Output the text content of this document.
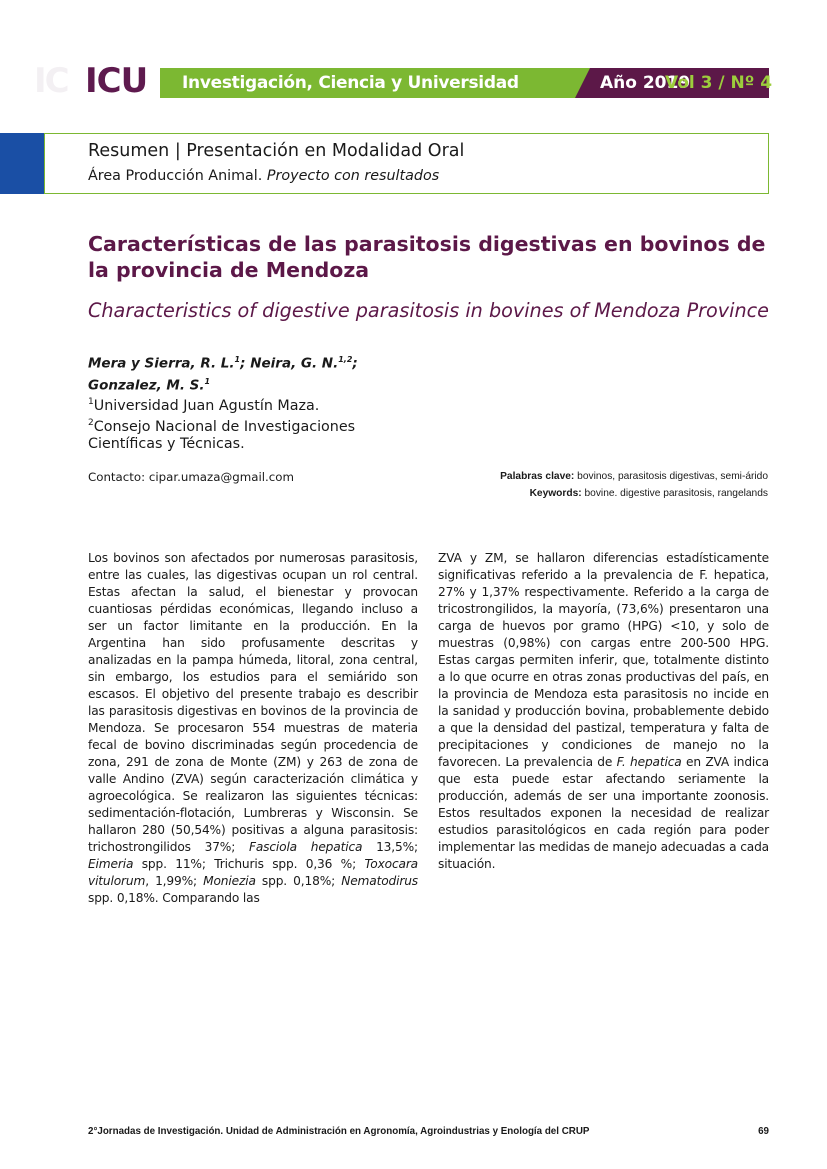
IC ICU Investigación, Ciencia y Universidad	Año 2019
Vol 3 / Nº 4
Resumen | Presentación en Modalidad Oral
Área Producción Animal. Proyecto con resultados
Características de las parasitosis digestivas en bovinos de la provincia de Mendoza
Characteristics of digestive parasitosis in bovines of Mendoza Province
Mera y Sierra, R. L.$^1$; Neira, G. N.$^{1,2}$;
Gonzalez, M. S.$^1$
$^1$Universidad Juan Agustín Maza.
$^2$Consejo Nacional de Investigaciones Científicas y Técnicas.
Contacto: cipar.umaza@gmail.com	Palabras clave: bovinos, parasitosis digestivas, semi-árido
Keywords: bovine. digestive parasitosis, rangelands
Los bovinos son afectados por numerosas parasitosis, entre las cuales, las digestivas ocupan un rol central. Estas afectan la salud, el bienestar y provocan cuantiosas pérdidas económicas, llegando incluso a ser un factor limitante en la producción. En la Argentina han sido profusamente descritas y analizadas en la pampa húmeda, litoral, zona central, sin embargo, los estudios para el semiárido son escasos. El objetivo del presente trabajo es describir las parasitosis digestivas en bovinos de la provincia de Mendoza. Se procesaron 554 muestras de materia fecal de bovino discriminadas según procedencia de zona, 291 de zona de Monte (ZM) y 263 de zona de valle Andino (ZVA) según caracterización climática y agroecológica. Se realizaron las siguientes técnicas: sedimentación-flotación, Lumbreras y Wisconsin. Se hallaron 280 (50,54%) positivas a alguna parasitosis: trichostrongilidos 37%; Fasciola hepatica 13,5%; Eimeria spp. 11%; Trichuris spp. 0,36 %; Toxocara vitulorum, 1,99%; Moniezia spp. 0,18%; Nematodirus spp. 0,18%. Comparando las
ZVA y ZM, se hallaron diferencias estadísticamente significativas referido a la prevalencia de F. hepatica, 27% y 1,37% respectivamente. Referido a la carga de tricostrongilidos, la mayoría, (73,6%) presentaron una carga de huevos por gramo (HPG) <10, y solo de muestras (0,98%) con cargas entre 200-500 HPG. Estas cargas permiten inferir, que, totalmente distinto a lo que ocurre en otras zonas productivas del país, en la provincia de Mendoza esta parasitosis no incide en la sanidad y producción bovina, probablemente debido a que la densidad del pastizal, temperatura y falta de precipitaciones y condiciones de manejo no la favorecen. La prevalencia de F. hepatica en ZVA indica que esta puede estar afectando seriamente la producción, además de ser una importante zoonosis. Estos resultados exponen la necesidad de realizar estudios parasitológicos en cada región para poder implementar las medidas de manejo adecuadas a cada situación.
2°Jornadas de Investigación. Unidad de Administración en Agronomía, Agroindustrias y Enología del CRUP	69
